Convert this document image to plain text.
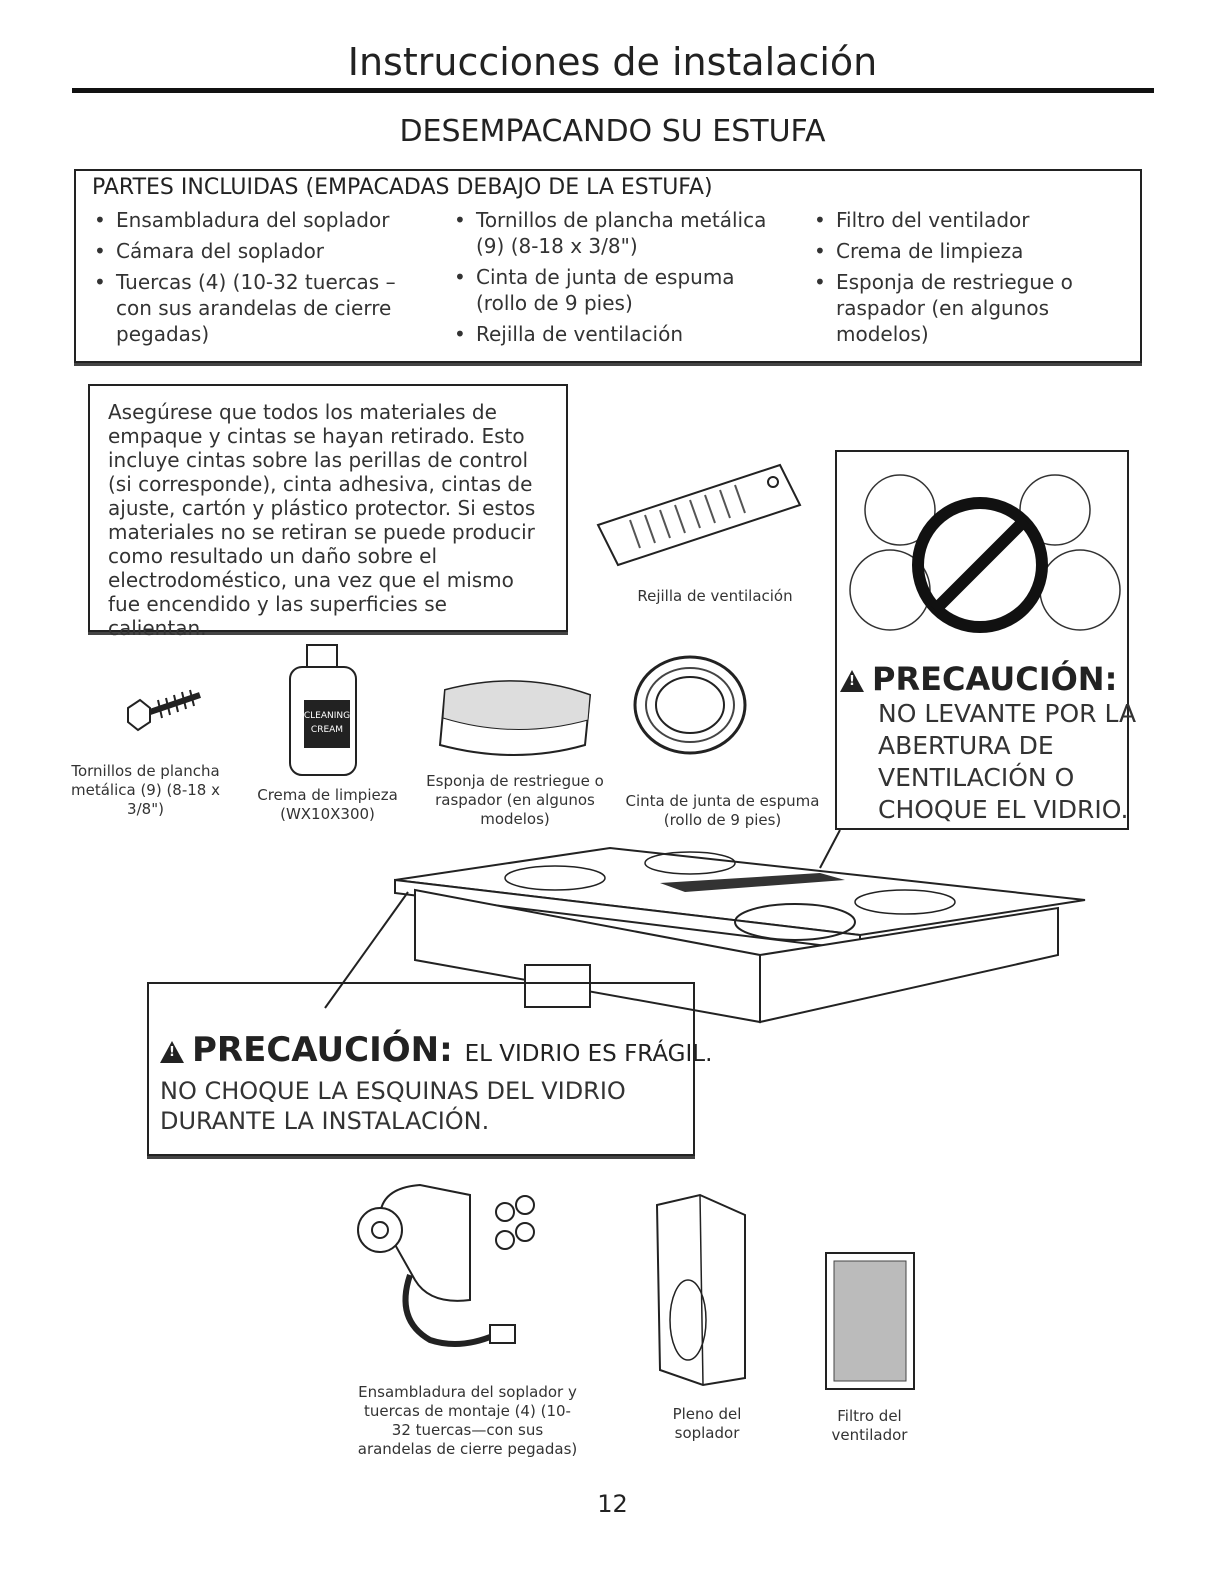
Instrucciones de instalación
DESEMPACANDO SU ESTUFA
PARTES INCLUIDAS (EMPACADAS DEBAJO DE LA ESTUFA)
• Ensambladura del soplador
• Cámara del soplador
• Tuercas (4) (10-32 tuercas – con sus arandelas de cierre pegadas)
• Tornillos de plancha metálica (9) (8-18 x 3/8")
• Cinta de junta de espuma (rollo de 9 pies)
• Rejilla de ventilación
• Filtro del ventilador
• Crema de limpieza
• Esponja de restriegue o raspador (en algunos modelos)
Asegúrese que todos los materiales de empaque y cintas se hayan retirado. Esto incluye cintas sobre las perillas de control (si corresponde), cinta adhesiva, cintas de ajuste, cartón y plástico protector. Si estos materiales no se retiran se puede producir como resultado un daño sobre el electrodoméstico, una vez que el mismo fue encendido y las superficies se calientan.
CLEANING
CREAM
Rejilla de ventilación
Tornillos de plancha metálica (9) (8-18 x 3/8")
Crema de limpieza (WX10X300)
Esponja de restriegue o raspador (en algunos modelos)
Cinta de junta de espuma (rollo de 9 pies)
Ensambladura del soplador y tuercas de montaje (4) (10-32 tuercas—con sus arandelas de cierre pegadas)
Pleno del soplador
Filtro del ventilador
!PRECAUCIÓN:
NO LEVANTE POR LA ABERTURA DE VENTILACIÓN O CHOQUE EL VIDRIO.
!PRECAUCIÓN: EL VIDRIO ES FRÁGIL.
NO CHOQUE LA ESQUINAS DEL VIDRIO DURANTE LA INSTALACIÓN.
12
